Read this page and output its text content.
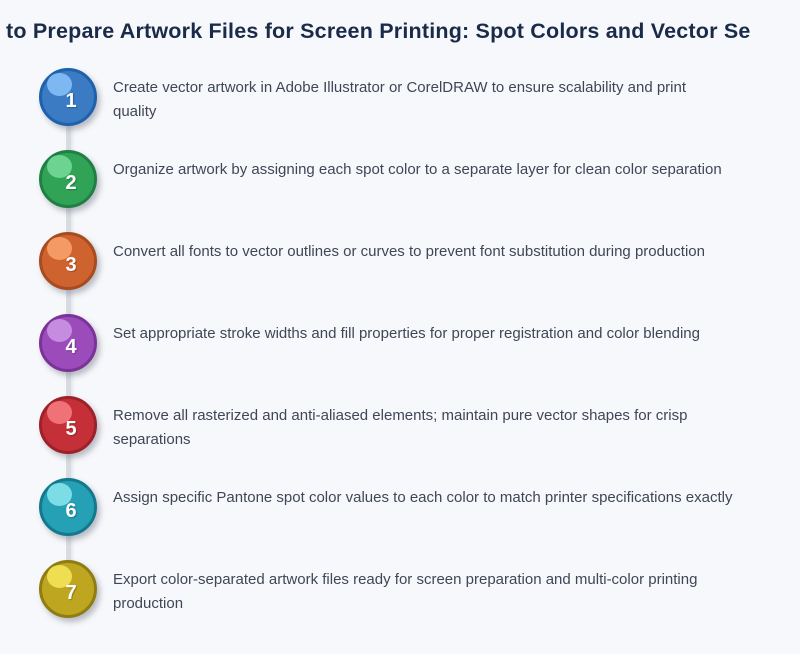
to Prepare Artwork Files for Screen Printing: Spot Colors and Vector Se
1

Create vector artwork in Adobe Illustrator or CorelDRAW to ensure scalability and print quality

2

Organize artwork by assigning each spot color to a separate layer for clean color separation

3

Convert all fonts to vector outlines or curves to prevent font substitution during production

4

Set appropriate stroke widths and fill properties for proper registration and color blending

5

Remove all rasterized and anti-aliased elements; maintain pure vector shapes for crisp separations

6

Assign specific Pantone spot color values to each color to match printer specifications exactly

7

Export color-separated artwork files ready for screen preparation and multi-color printing production
